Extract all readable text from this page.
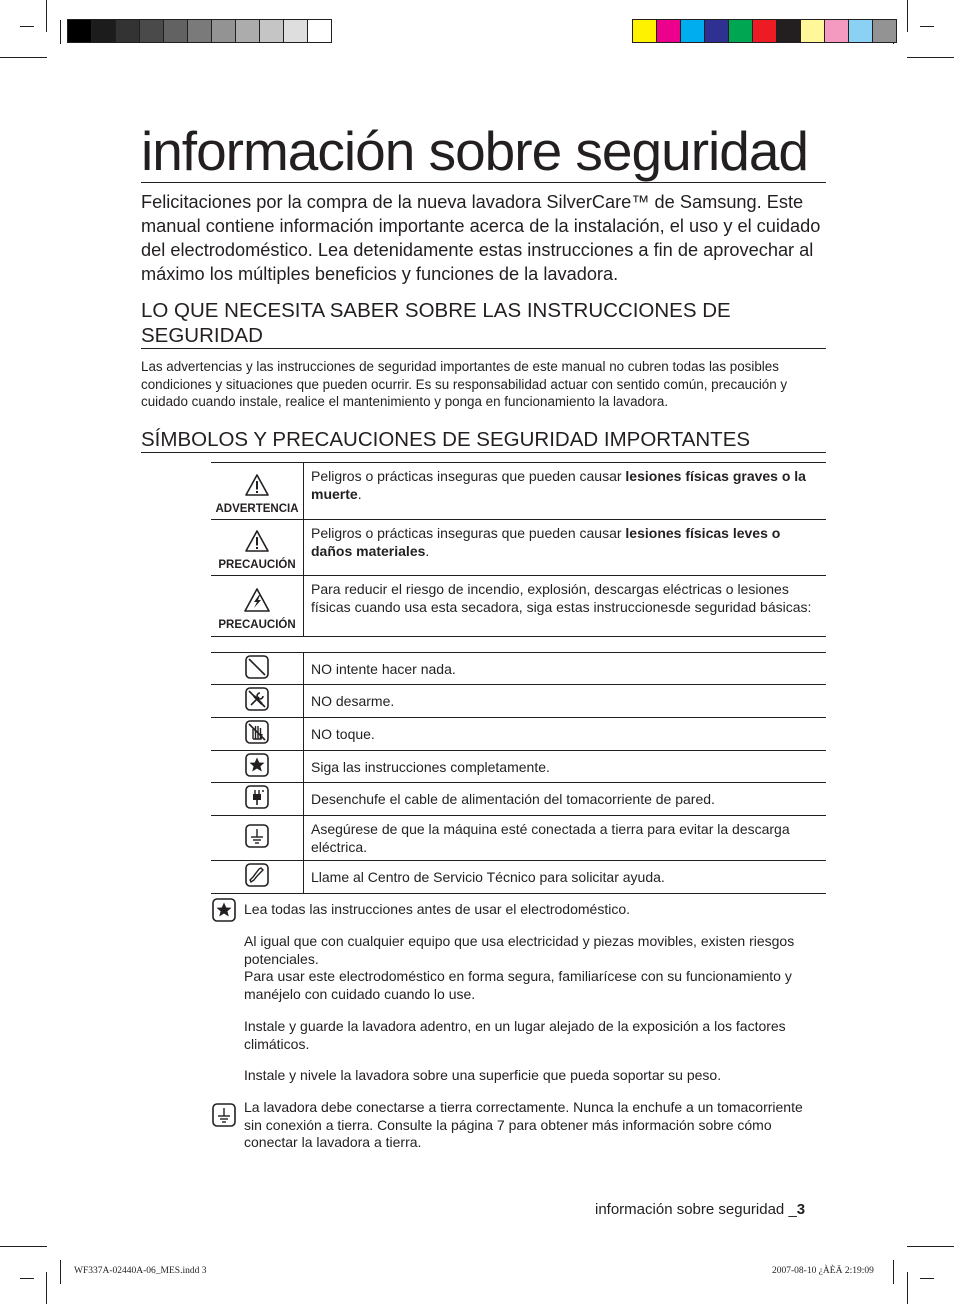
información sobre seguridad

Felicitaciones por la compra de la nueva lavadora SilverCare™ de Samsung. Este manual contiene información importante acerca de la instalación, el uso y el cuidado del electrodoméstico. Lea detenidamente estas instrucciones a fin de aprovechar al máximo los múltiples beneficios y funciones de la lavadora.

LO QUE NECESITA SABER SOBRE LAS INSTRUCCIONES DE SEGURIDAD

Las advertencias y las instrucciones de seguridad importantes de este manual no cubren todas las posibles condiciones y situaciones que pueden ocurrir. Es su responsabilidad actuar con sentido común, precaución y cuidado cuando instale, realice el mantenimiento y ponga en funcionamiento la lavadora.

SÍMBOLOS Y PRECAUCIONES DE SEGURIDAD IMPORTANTES
ADVERTENCIA	Peligros o prácticas inseguras que pueden causar lesiones físicas graves o la muerte.

PRECAUCIÓN	Peligros o prácticas inseguras que pueden causar lesiones físicas leves o daños materiales.

PRECAUCIÓN	Para reducir el riesgo de incendio, explosión, descargas eléctricas o lesiones físicas cuando usa esta secadora, siga estas instruccionesde seguridad básicas:
	NO intente hacer nada.
	NO desarme.
	NO toque.
	Siga las instrucciones completamente.
	Desenchufe el cable de alimentación del tomacorriente de pared.
	Asegúrese de que la máquina esté conectada a tierra para evitar la descarga eléctrica.
	Llame al Centro de Servicio Técnico para solicitar ayuda.

Lea todas las instrucciones antes de usar el electrodoméstico.

Al igual que con cualquier equipo que usa electricidad y piezas movibles, existen riesgos potenciales.

Para usar este electrodoméstico en forma segura, familiarícese con su funcionamiento y manéjelo con cuidado cuando lo use.

Instale y guarde la lavadora adentro, en un lugar alejado de la exposición a los factores climáticos.

Instale y nivele la lavadora sobre una superficie que pueda soportar su peso.

La lavadora debe conectarse a tierra correctamente. Nunca la enchufe a un tomacorriente sin conexión a tierra. Consulte la página 7 para obtener más información sobre cómo conectar la lavadora a tierra.

información sobre seguridad _3
WF337A-02440A-06_MES.indd 3	2007-08-10 ¿ÀÈÄ 2:19:09
